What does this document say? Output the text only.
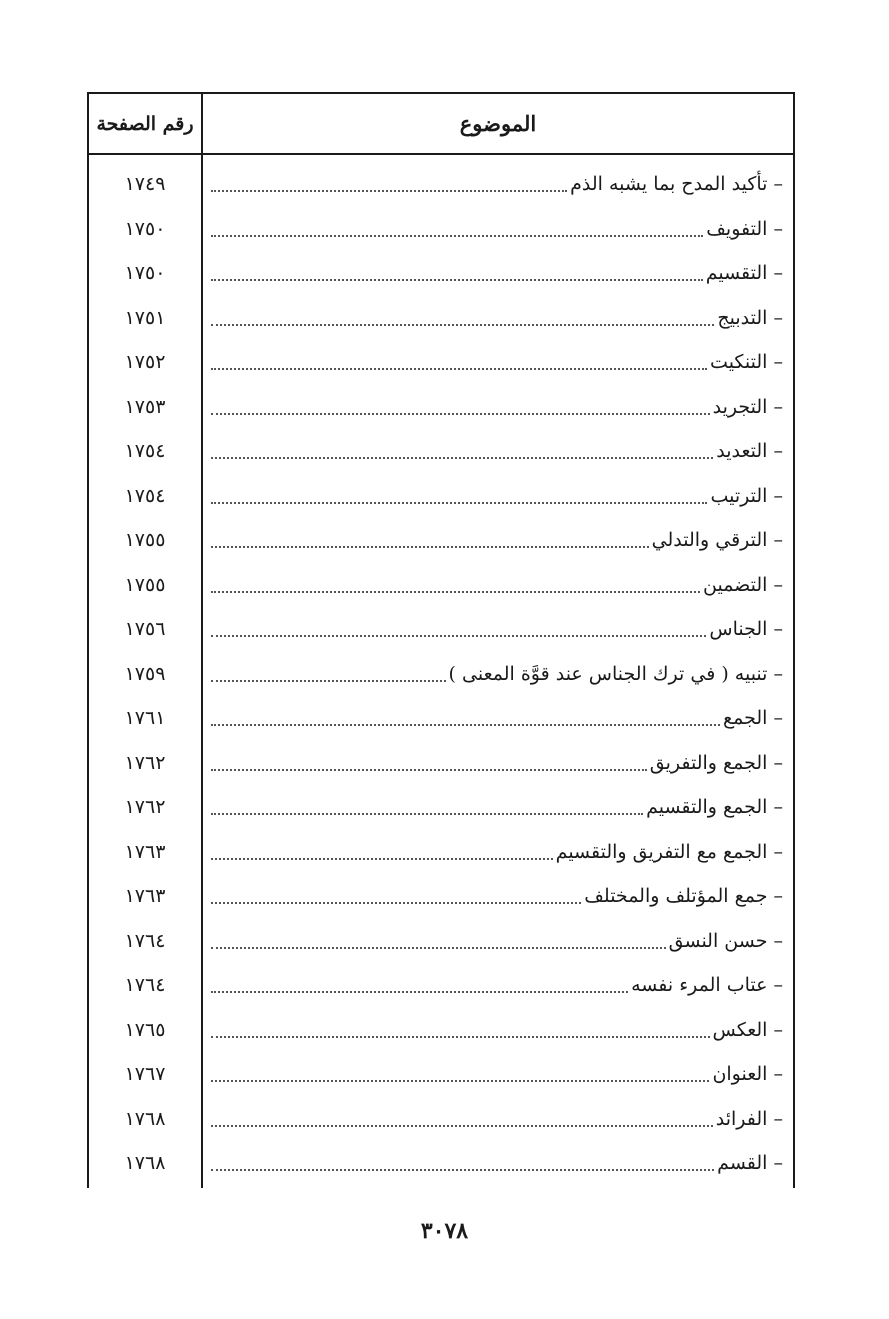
رقم الصفحة	الموضوع
١٧٤٩	– تأكيد المدح بما يشبه الذم
١٧٥٠	– التفويف
١٧٥٠	– التقسيم
١٧٥١	– التدبيج
١٧٥٢	– التنكيت
١٧٥٣	– التجريد
١٧٥٤	– التعديد
١٧٥٤	– الترتيب
١٧٥٥	– الترقي والتدلي
١٧٥٥	– التضمين
١٧٥٦	– الجناس
١٧٥٩	– تنبيه ( في ترك الجناس عند قوَّة المعنى )
١٧٦١	– الجمع
١٧٦٢	– الجمع والتفريق
١٧٦٢	– الجمع والتقسيم
١٧٦٣	– الجمع مع التفريق والتقسيم
١٧٦٣	– جمع المؤتلف والمختلف
١٧٦٤	– حسن النسق
١٧٦٤	– عتاب المرء نفسه
١٧٦٥	– العكس
١٧٦٧	– العنوان
١٧٦٨	– الفرائد
١٧٦٨	– القسم
٣٠٧٨
